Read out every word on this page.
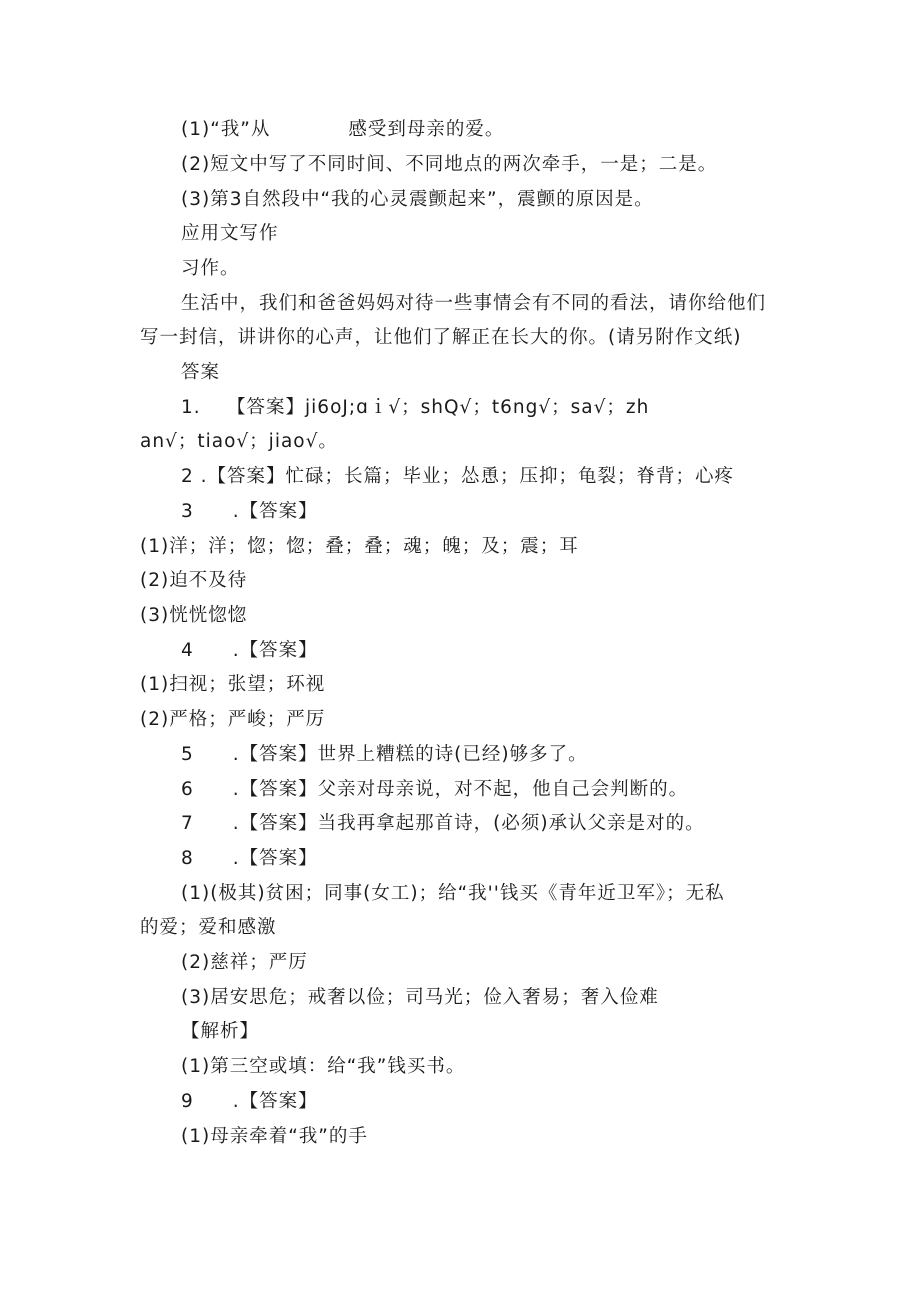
(1)“我”从　　　　感受到母亲的爱。
(2)短文中写了不同时间、不同地点的两次牵手，一是；二是。
(3)第3自然段中“我的心灵震颤起来”，震颤的原因是。
应用文写作
习作。
生活中，我们和爸爸妈妈对待一些事情会有不同的看法，请你给他们
写一封信，讲讲你的心声，让他们了解正在长大的你。(请另附作文纸)
答案
1.　 【答案】ji6oJ;ɑｉ√；shQ√；t6ng√；sa√；zh
an√；tiao√；jiao√。
2 .【答案】忙碌；长篇；毕业；怂恿；压抑；龟裂；脊背；心疼
3　　.【答案】
(1)洋；洋；惚；惚；叠；叠；魂；魄；及；震；耳
(2)迫不及待
(3)恍恍惚惚
4　　.【答案】
(1)扫视；张望；环视
(2)严格；严峻；严厉
5　　.【答案】世界上糟糕的诗(已经)够多了。
6　　.【答案】父亲对母亲说，对不起，他自己会判断的。
7　　.【答案】当我再拿起那首诗，(必须)承认父亲是对的。
8　　.【答案】
(1)(极其)贫困；同事(女工)；给“我''钱买《青年近卫军》；无私
的爱；爱和感激
(2)慈祥；严厉
(3)居安思危；戒奢以俭；司马光；俭入奢易；奢入俭难
【解析】
(1)第三空或填：给“我”钱买书。
9　　.【答案】
(1)母亲牵着“我”的手
